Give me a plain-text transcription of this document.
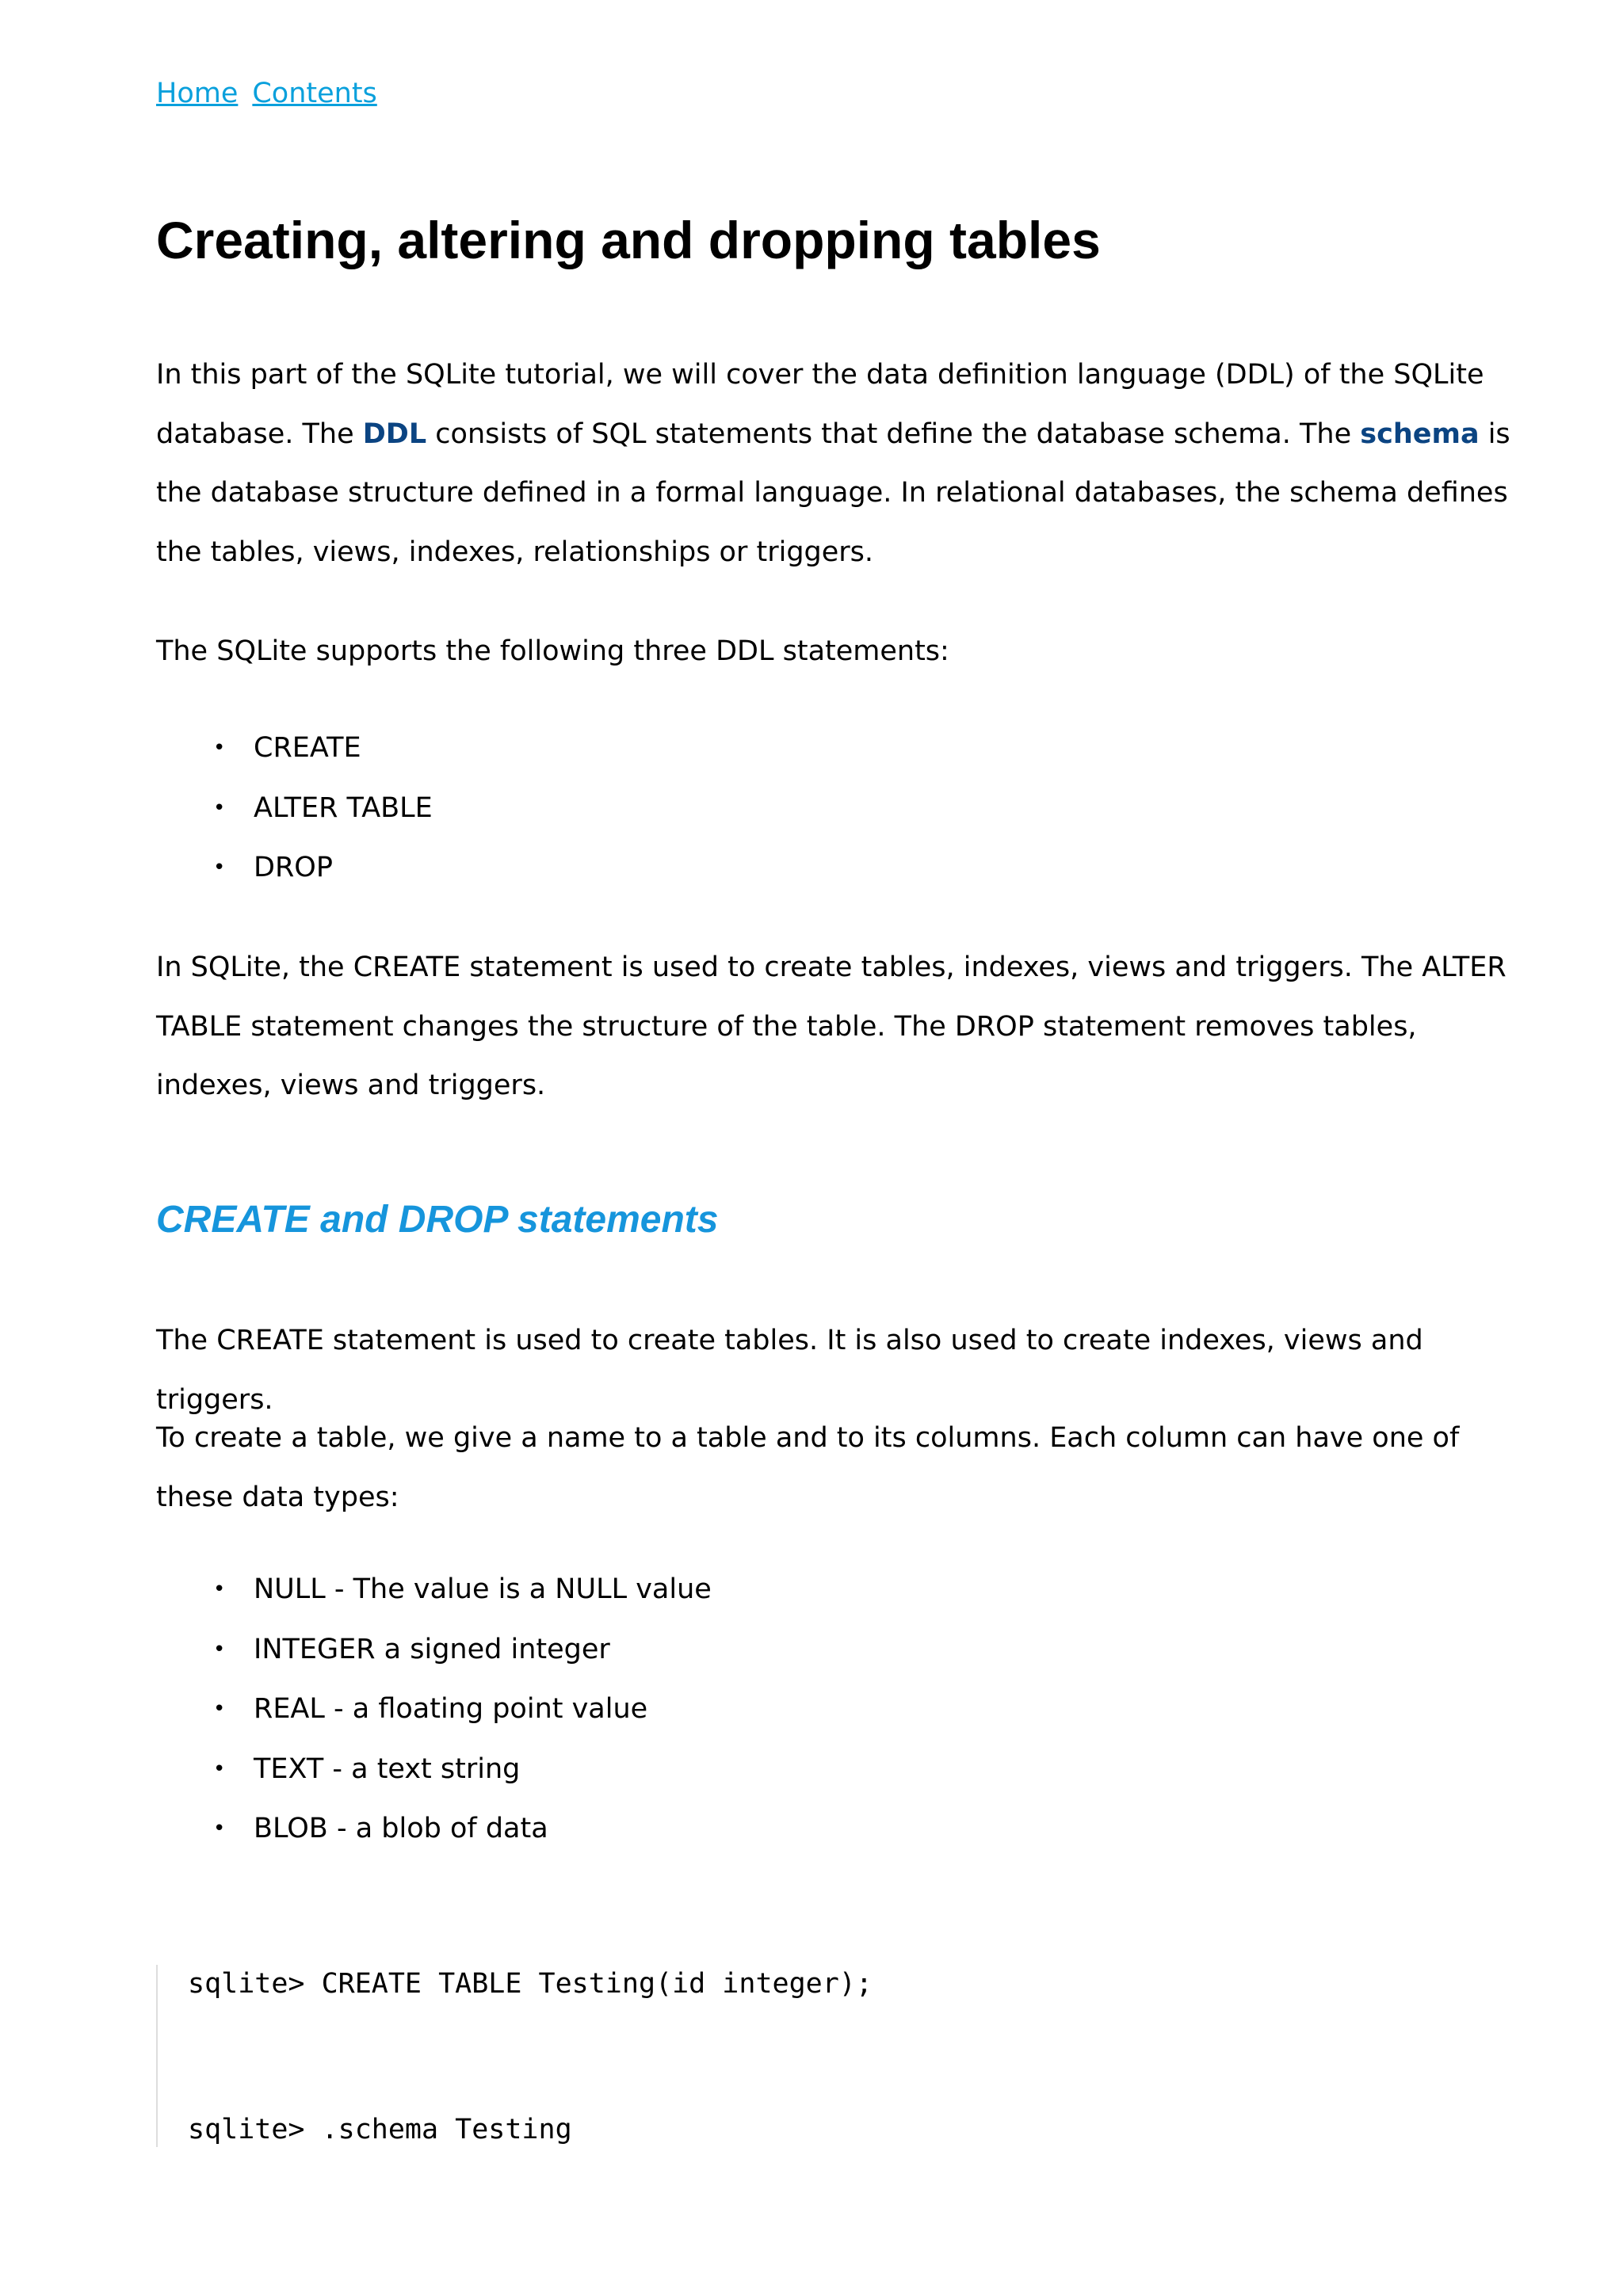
Home Contents
Creating, altering and dropping tables

In this part of the SQLite tutorial, we will cover the data definition language (DDL) of the SQLite database. The DDL consists of SQL statements that define the database schema. The schema is the database structure defined in a formal language. In relational databases, the schema defines the tables, views, indexes, relationships or triggers.

The SQLite supports the following three DDL statements:

• CREATE
• ALTER TABLE
• DROP

In SQLite, the CREATE statement is used to create tables, indexes, views and triggers. The ALTER TABLE statement changes the structure of the table. The DROP statement removes tables, indexes, views and triggers.

CREATE and DROP statements

The CREATE statement is used to create tables. It is also used to create indexes, views and triggers.

To create a table, we give a name to a table and to its columns. Each column can have one of these data types:

• NULL - The value is a NULL value
• INTEGER a signed integer
• REAL - a floating point value
• TEXT - a text string
• BLOB - a blob of data
sqlite> CREATE TABLE Testing(id integer);
sqlite> .schema Testing
